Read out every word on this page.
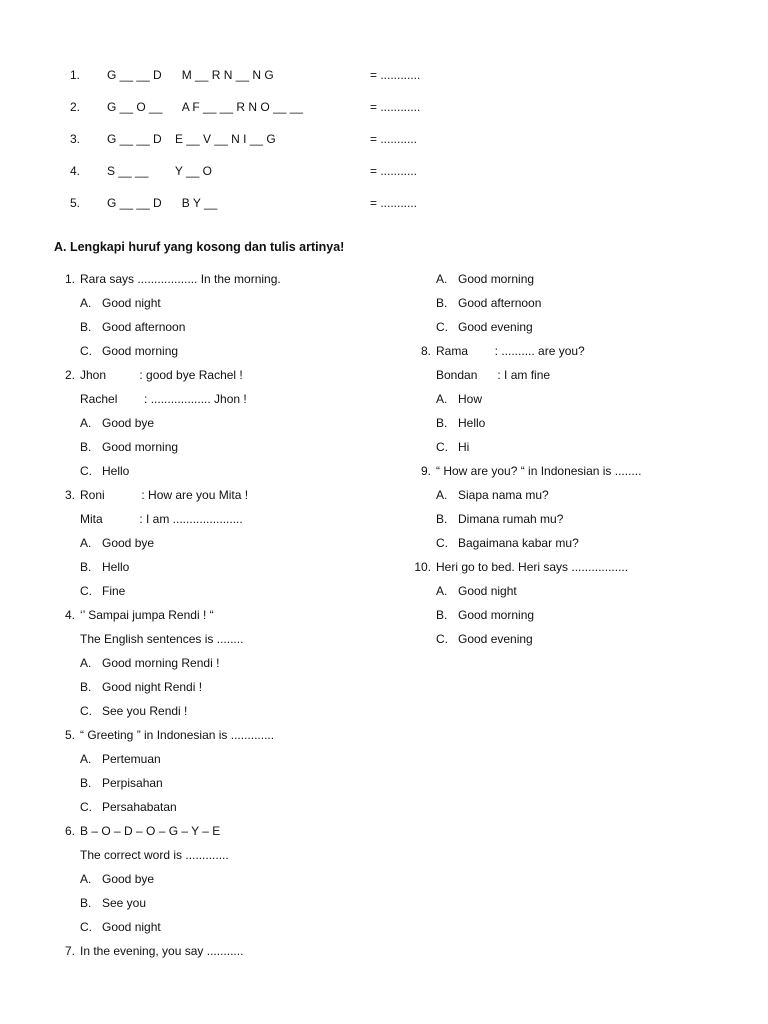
1.	G __ __ D      M __ R N __ N G	= ............
2.	G __ O __      A F __ __ R N O __ __	= ............
3.	G __ __ D    E __ V __ N I __ G	= ...........
4.	S __ __        Y __ O	= ...........
5.	G __ __ D      B Y __	= ...........
A. Lengkapi huruf yang kosong dan tulis artinya!
1. Rara says .................. In the morning.
A. Good night
B. Good afternoon
C. Good morning
2. Jhon          : good bye Rachel !
Rachel        : .................. Jhon !
A. Good bye
B. Good morning
C. Hello
3. Roni           : How are you Mita !
Mita           : I am .....................
A. Good bye
B. Hello
C. Fine
4. ‘’ Sampai jumpa Rendi ! “
The English sentences is ........
A. Good morning Rendi !
B. Good night Rendi !
C. See you Rendi !
5. “ Greeting ” in Indonesian is .............
A. Pertemuan
B. Perpisahan
C. Persahabatan
6. B – O – D – O – G – Y – E
The correct word is .............
A. Good bye
B. See you
C. Good night
7. In the evening, you say ...........
A. Good morning
B. Good afternoon
C. Good evening
8. Rama        : .......... are you?
Bondan      : I am fine
A. How
B. Hello
C. Hi
9. “ How are you? “ in Indonesian is ........
A. Siapa nama mu?
B. Dimana rumah mu?
C. Bagaimana kabar mu?
10. Heri go to bed. Heri says .................
A. Good night
B. Good morning
C. Good evening
